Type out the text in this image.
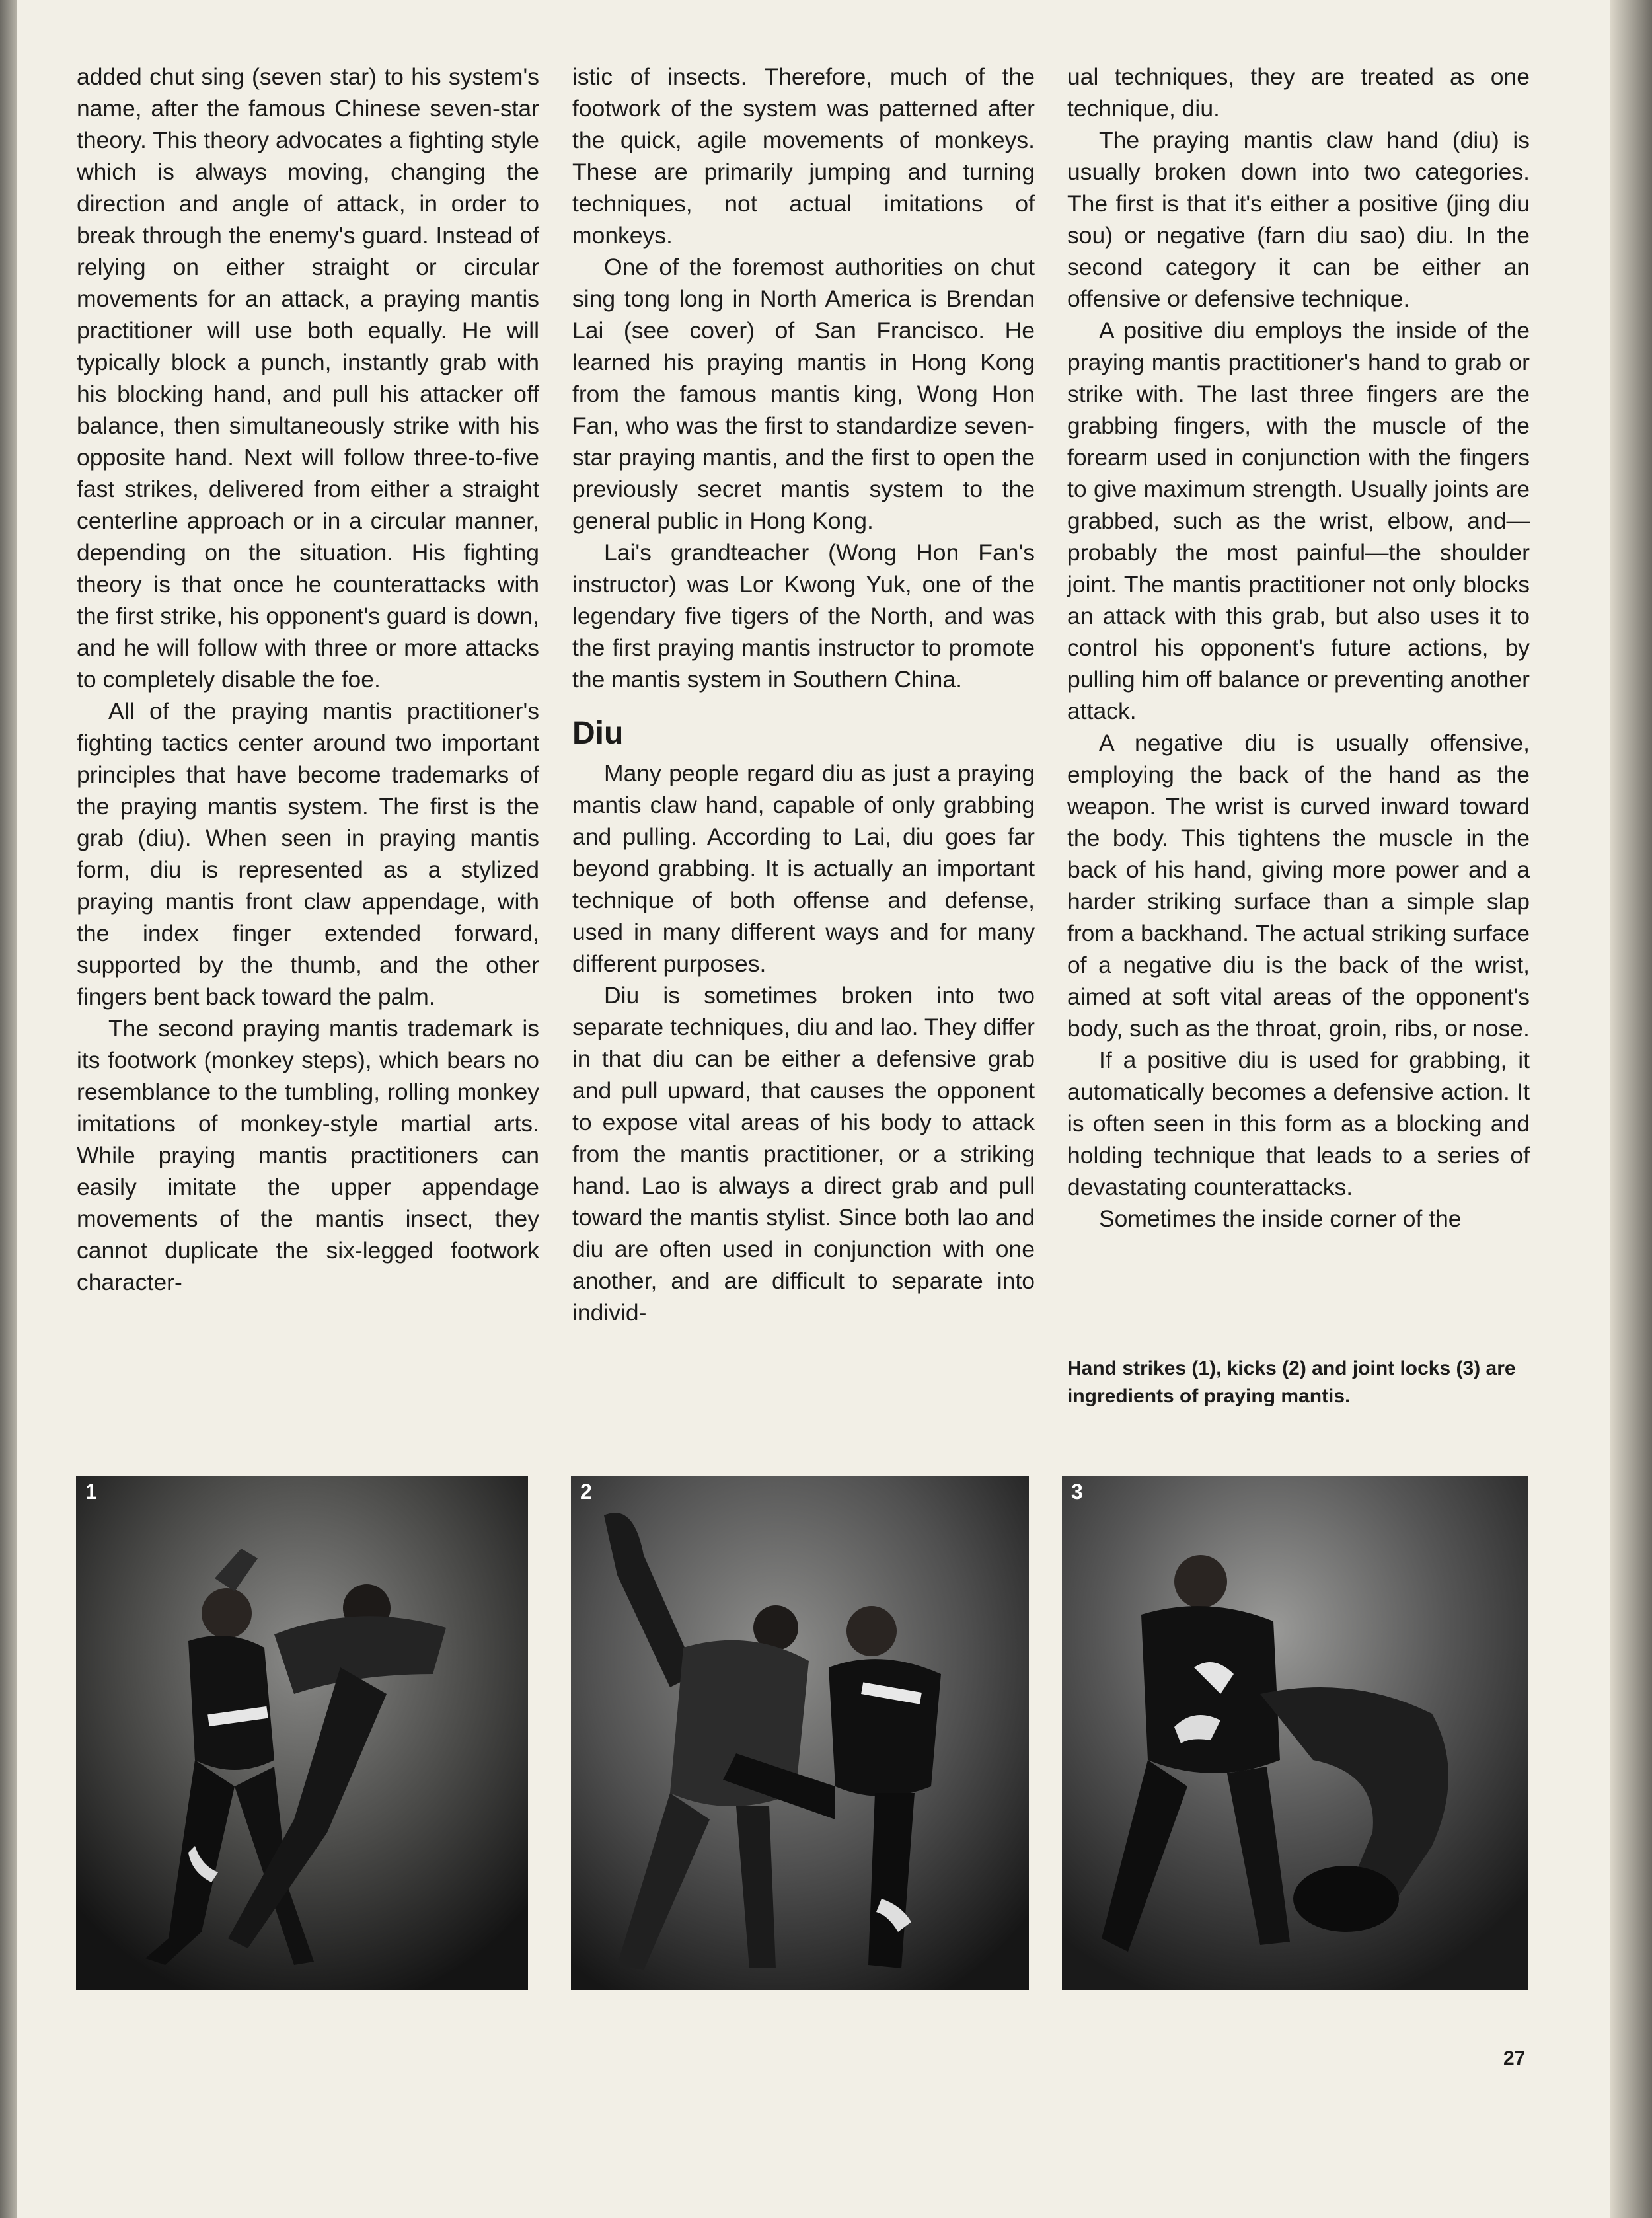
added chut sing (seven star) to his system's name, after the famous Chinese seven-star theory. This theory advocates a fighting style which is always moving, changing the direction and angle of attack, in order to break through the enemy's guard. Instead of relying on either straight or circular movements for an attack, a praying mantis practitioner will use both equally. He will typically block a punch, instantly grab with his blocking hand, and pull his attacker off balance, then simultaneously strike with his opposite hand. Next will follow three-to-five fast strikes, delivered from either a straight centerline approach or in a circular manner, depending on the situation. His fighting theory is that once he counterattacks with the first strike, his opponent's guard is down, and he will follow with three or more attacks to completely disable the foe.

All of the praying mantis practitioner's fighting tactics center around two important principles that have become trademarks of the praying mantis system. The first is the grab (diu). When seen in praying mantis form, diu is represented as a stylized praying mantis front claw appendage, with the index finger extended forward, supported by the thumb, and the other fingers bent back toward the palm.

The second praying mantis trademark is its footwork (monkey steps), which bears no resemblance to the tumbling, rolling monkey imitations of monkey-style martial arts. While praying mantis practitioners can easily imitate the upper appendage movements of the mantis insect, they cannot duplicate the six-legged footwork character-

istic of insects. Therefore, much of the footwork of the system was patterned after the quick, agile movements of monkeys. These are primarily jumping and turning techniques, not actual imitations of monkeys.

One of the foremost authorities on chut sing tong long in North America is Brendan Lai (see cover) of San Francisco. He learned his praying mantis in Hong Kong from the famous mantis king, Wong Hon Fan, who was the first to standardize seven-star praying mantis, and the first to open the previously secret mantis system to the general public in Hong Kong.

Lai's grandteacher (Wong Hon Fan's instructor) was Lor Kwong Yuk, one of the legendary five tigers of the North, and was the first praying mantis instructor to promote the mantis system in Southern China.

Diu

Many people regard diu as just a praying mantis claw hand, capable of only grabbing and pulling. According to Lai, diu goes far beyond grabbing. It is actually an important technique of both offense and defense, used in many different ways and for many different purposes.

Diu is sometimes broken into two separate techniques, diu and lao. They differ in that diu can be either a defensive grab and pull upward, that causes the opponent to expose vital areas of his body to attack from the mantis practitioner, or a striking hand. Lao is always a direct grab and pull toward the mantis stylist. Since both lao and diu are often used in conjunction with one another, and are difficult to separate into individ-

ual techniques, they are treated as one technique, diu.

The praying mantis claw hand (diu) is usually broken down into two categories. The first is that it's either a positive (jing diu sou) or negative (farn diu sao) diu. In the second category it can be either an offensive or defensive technique.

A positive diu employs the inside of the praying mantis practitioner's hand to grab or strike with. The last three fingers are the grabbing fingers, with the muscle of the forearm used in conjunction with the fingers to give maximum strength. Usually joints are grabbed, such as the wrist, elbow, and—probably the most painful—the shoulder joint. The mantis practitioner not only blocks an attack with this grab, but also uses it to control his opponent's future actions, by pulling him off balance or preventing another attack.

A negative diu is usually offensive, employing the back of the hand as the weapon. The wrist is curved inward toward the body. This tightens the muscle in the back of his hand, giving more power and a harder striking surface than a simple slap from a backhand. The actual striking surface of a negative diu is the back of the wrist, aimed at soft vital areas of the opponent's body, such as the throat, groin, ribs, or nose.

If a positive diu is used for grabbing, it automatically becomes a defensive action. It is often seen in this form as a blocking and holding technique that leads to a series of devastating counterattacks.

Sometimes the inside corner of the

Hand strikes (1), kicks (2) and joint locks (3) are ingredients of praying mantis.
1	2	3
27
